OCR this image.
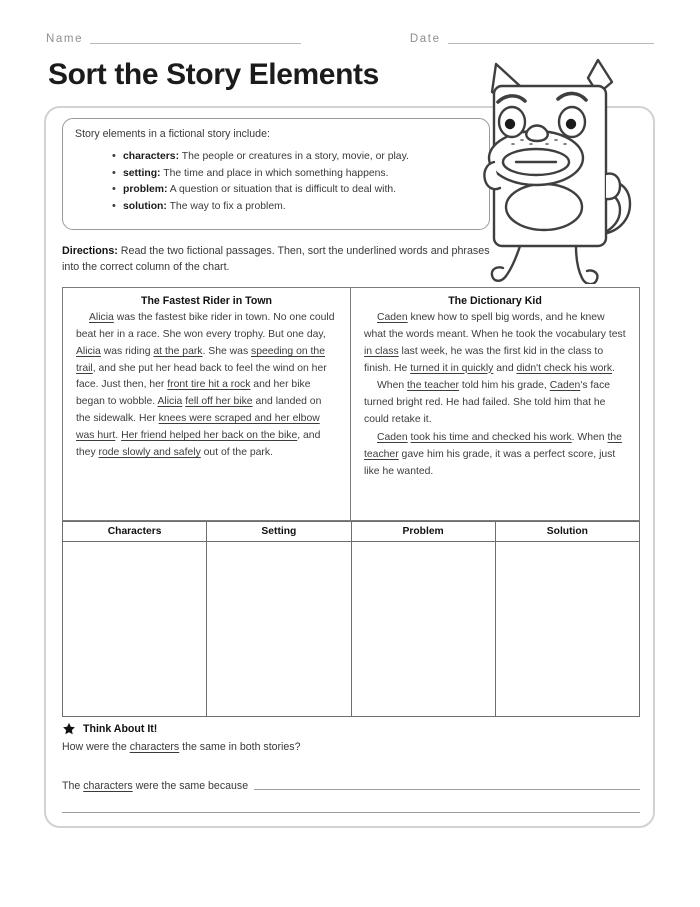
Name	Date
Sort the Story Elements
Story elements in a fictional story include:
• characters: The people or creatures in a story, movie, or play.
• setting: The time and place in which something happens.
• problem: A question or situation that is difficult to deal with.
• solution: The way to fix a problem.
Directions: Read the two fictional passages. Then, sort the underlined words and phrases into the correct column of the chart.
The Fastest Rider in Town

Alicia was the fastest bike rider in town. No one could beat her in a race. She won every trophy. But one day, Alicia was riding at the park. She was speeding on the trail, and she put her head back to feel the wind on her face. Just then, her front tire hit a rock and her bike began to wobble. Alicia fell off her bike and landed on the sidewalk. Her knees were scraped and her elbow was hurt. Her friend helped her back on the bike, and they rode slowly and safely out of the park.

The Dictionary Kid

Caden knew how to spell big words, and he knew what the words meant. When he took the vocabulary test in class last week, he was the first kid in the class to finish. He turned it in quickly and didn't check his work.

When the teacher told him his grade, Caden's face turned bright red. He had failed. She told him that he could retake it.

Caden took his time and checked his work. When the teacher gave him his grade, it was a perfect score, just like he wanted.

Characters	Setting	Problem	Solution
Think About It!
How were the characters the same in both stories?
The characters were the same because
